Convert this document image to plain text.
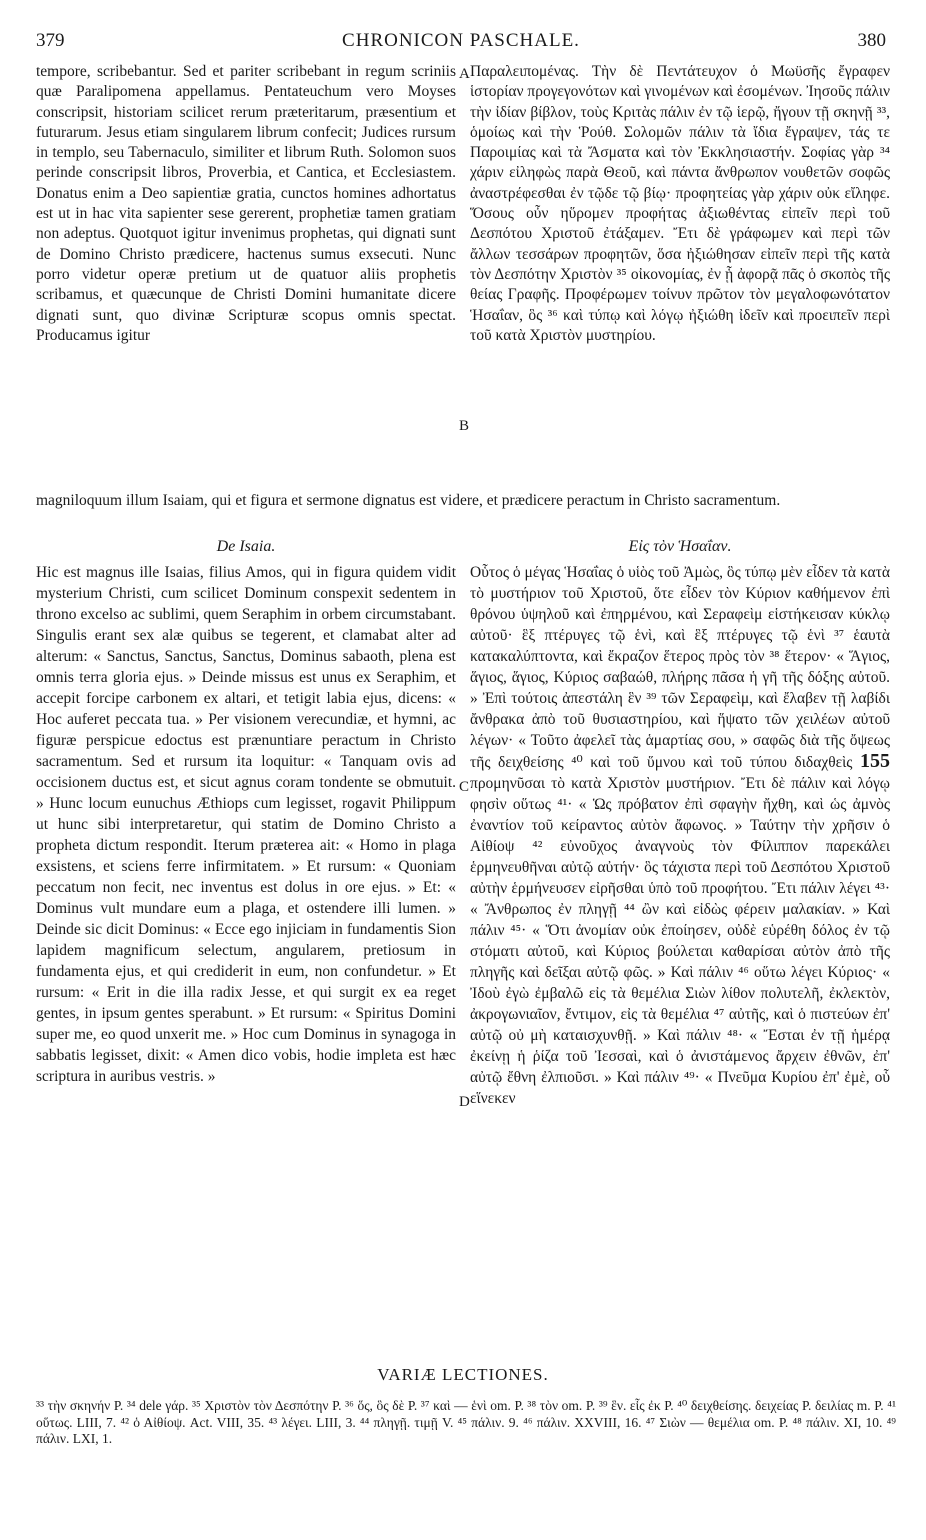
379	CHRONICON PASCHALE.	380
A
B
C
D

tempore, scribebantur. Sed et pariter scribebant in regum scriniis quæ Paralipomena appellamus. Pentateuchum vero Moyses conscripsit, historiam scilicet rerum præteritarum, præsentium et futurarum. Jesus etiam singularem librum confecit; Judices rursum in templo, seu Tabernaculo, similiter et librum Ruth. Solomon suos perinde conscripsit libros, Proverbia, et Cantica, et Ecclesiastem. Donatus enim a Deo sapientiæ gratia, cunctos homines adhortatus est ut in hac vita sapienter sese gererent, prophetiæ tamen gratiam non adeptus. Quotquot igitur invenimus prophetas, qui dignati sunt de Domino Christo prædicere, hactenus sumus exsecuti. Nunc porro videtur operæ pretium ut de quatuor aliis prophetis scribamus, et quæcunque de Christi Domini humanitate dicere dignati sunt, quo divinæ Scripturæ scopus omnis spectat. Producamus igitur

Παραλειπομένας. Τὴν δὲ Πεντάτευχον ὁ Μωϋσῆς ἔγραφεν ἱστορίαν προγεγονότων καὶ γινομένων καὶ ἐσομένων. Ἰησοῦς πάλιν τὴν ἰδίαν βίβλον, τοὺς Κριτὰς πάλιν ἐν τῷ ἱερῷ, ἤγουν τῇ σκηνῇ ³³, ὁμοίως καὶ τὴν Ῥούθ. Σολομῶν πάλιν τὰ ἴδια ἔγραψεν, τάς τε Παροιμίας καὶ τὰ Ἄσματα καὶ τὸν Ἐκκλησιαστήν. Σοφίας γὰρ ³⁴ χάριν εἰληφὼς παρὰ Θεοῦ, καὶ πάντα ἄνθρωπον νουθετῶν σοφῶς ἀναστρέφεσθαι ἐν τῷδε τῷ βίῳ· προφητείας γὰρ χάριν οὐκ εἴληφε. Ὅσους οὖν ηὕρομεν προφήτας ἀξιωθέντας εἰπεῖν περὶ τοῦ Δεσπότου Χριστοῦ ἐτάξαμεν. Ἔτι δὲ γράφωμεν καὶ περὶ τῶν ἄλλων τεσσάρων προφητῶν, ὅσα ἠξιώθησαν εἰπεῖν περὶ τῆς κατὰ τὸν Δεσπότην Χριστὸν ³⁵ οἰκονομίας, ἐν ᾗ ἀφορᾷ πᾶς ὁ σκοπὸς τῆς θείας Γραφῆς. Προφέρωμεν τοίνυν πρῶτον τὸν μεγαλοφωνότατον Ἡσαΐαν, ὃς ³⁶ καὶ τύπῳ καὶ λόγῳ ἠξιώθη ἰδεῖν καὶ προειπεῖν περὶ τοῦ κατὰ Χριστὸν μυστηρίου.

magniloquum illum Isaiam, qui et figura et sermone dignatus est videre, et prædicere peractum in Christo sacramentum.

De Isaia.	Εἰς τὸν Ἡσαΐαν.

Hic est magnus ille Isaias, filius Amos, qui in figura quidem vidit mysterium Christi, cum scilicet Dominum conspexit sedentem in throno excelso ac sublimi, quem Seraphim in orbem circumstabant. Singulis erant sex alæ quibus se tegerent, et clamabat alter ad alterum: « Sanctus, Sanctus, Sanctus, Dominus sabaoth, plena est omnis terra gloria ejus. » Deinde missus est unus ex Seraphim, et accepit forcipe carbonem ex altari, et tetigit labia ejus, dicens: « Hoc auferet peccata tua. » Per visionem verecundiæ, et hymni, ac figuræ perspicue edoctus est prænuntiare peractum in Christo sacramentum. Sed et rursum ita loquitur: « Tanquam ovis ad occisionem ductus est, et sicut agnus coram tondente se obmutuit. » Hunc locum eunuchus Æthiops cum legisset, rogavit Philippum ut hunc sibi interpretaretur, qui statim de Domino Christo a propheta dictum respondit. Iterum præterea ait: « Homo in plaga exsistens, et sciens ferre infirmitatem. » Et rursum: « Quoniam peccatum non fecit, nec inventus est dolus in ore ejus. » Et: « Dominus vult mundare eum a plaga, et ostendere illi lumen. » Deinde sic dicit Dominus: « Ecce ego injiciam in fundamentis Sion lapidem magnificum selectum, angularem, pretiosum in fundamenta ejus, et qui crediderit in eum, non confundetur. » Et rursum: « Erit in die illa radix Jesse, et qui surgit ex ea reget gentes, in ipsum gentes sperabunt. » Et rursum: « Spiritus Domini super me, eo quod unxerit me. » Hoc cum Dominus in synagoga in sabbatis legisset, dixit: « Amen dico vobis, hodie impleta est hæc scriptura in auribus vestris. »

Οὗτος ὁ μέγας Ἡσαΐας ὁ υἱὸς τοῦ Ἀμὼς, ὃς τύπῳ μὲν εἶδεν τὰ κατὰ τὸ μυστήριον τοῦ Χριστοῦ, ὅτε εἶδεν τὸν Κύριον καθήμενον ἐπὶ θρόνου ὑψηλοῦ καὶ ἐπηρμένου, καὶ Σεραφεὶμ εἱστήκεισαν κύκλῳ αὐτοῦ· ἓξ πτέρυγες τῷ ἑνὶ, καὶ ἓξ πτέρυγες τῷ ἑνὶ ³⁷ ἑαυτὰ κατακαλύπτοντα, καὶ ἔκραζον ἕτερος πρὸς τὸν ³⁸ ἕτερον· « Ἅγιος, ἅγιος, ἅγιος, Κύριος σαβαώθ, πλήρης πᾶσα ἡ γῆ τῆς δόξης αὐτοῦ. » Ἐπὶ τούτοις ἀπεστάλη ἓν ³⁹ τῶν Σεραφεὶμ, καὶ ἔλαβεν τῇ λαβίδι ἄνθρακα ἀπὸ τοῦ θυσιαστηρίου, καὶ ἥψατο τῶν χειλέων αὐτοῦ λέγων· « Τοῦτο ἀφελεῖ τὰς ἁμαρτίας σου, » σαφῶς διὰ τῆς ὄψεως τῆς δειχθείσης ⁴⁰ καὶ τοῦ ὕμνου καὶ τοῦ τύπου διδαχθεὶς 155 προμηνῦσαι τὸ κατὰ Χριστὸν μυστήριον. Ἔτι δὲ πάλιν καὶ λόγῳ φησὶν οὕτως ⁴¹· « Ὡς πρόβατον ἐπὶ σφαγὴν ἤχθη, καὶ ὡς ἀμνὸς ἐναντίον τοῦ κείραντος αὐτὸν ἄφωνος. » Ταύτην τὴν χρῆσιν ὁ Αἰθίοψ ⁴² εὐνοῦχος ἀναγνοὺς τὸν Φίλιππον παρεκάλει ἑρμηνευθῆναι αὐτῷ αὐτήν· ὃς τάχιστα περὶ τοῦ Δεσπότου Χριστοῦ αὐτὴν ἑρμήνευσεν εἰρῆσθαι ὑπὸ τοῦ προφήτου. Ἔτι πάλιν λέγει ⁴³· « Ἄνθρωπος ἐν πληγῇ ⁴⁴ ὢν καὶ εἰδὼς φέρειν μαλακίαν. » Καὶ πάλιν ⁴⁵· « Ὅτι ἀνομίαν οὐκ ἐποίησεν, οὐδὲ εὑρέθη δόλος ἐν τῷ στόματι αὐτοῦ, καὶ Κύριος βούλεται καθαρίσαι αὐτὸν ἀπὸ τῆς πληγῆς καὶ δεῖξαι αὐτῷ φῶς. » Καὶ πάλιν ⁴⁶ οὕτω λέγει Κύριος· « Ἰδοὺ ἐγὼ ἐμβαλῶ εἰς τὰ θεμέλια Σιὼν λίθον πολυτελῆ, ἐκλεκτὸν, ἀκρογωνιαῖον, ἔντιμον, εἰς τὰ θεμέλια ⁴⁷ αὐτῆς, καὶ ὁ πιστεύων ἐπ' αὐτῷ οὐ μὴ καταισχυνθῇ. » Καὶ πάλιν ⁴⁸· « Ἔσται ἐν τῇ ἡμέρᾳ ἐκείνῃ ἡ ῥίζα τοῦ Ἰεσσαὶ, καὶ ὁ ἀνιστάμενος ἄρχειν ἐθνῶν, ἐπ' αὐτῷ ἔθνη ἐλπιοῦσι. » Καὶ πάλιν ⁴⁹· « Πνεῦμα Κυρίου ἐπ' ἐμὲ, οὗ εἵνεκεν

VARIÆ LECTIONES.

³³ τὴν σκηνήν P. ³⁴ dele γάρ. ³⁵ Χριστὸν τὸν Δεσπότην P. ³⁶ ὅς, ὃς δὲ P. ³⁷ καὶ — ἑνὶ om. P. ³⁸ τὸν om. P. ³⁹ ἓν. εἷς ἐκ P. ⁴⁰ δειχθείσης. δειχείας P. δειλίας m. P. ⁴¹ οὕτως. LIII, 7. ⁴² ὁ Αἰθίοψ. Act. VIII, 35. ⁴³ λέγει. LIII, 3. ⁴⁴ πληγῇ. τιμῇ V. ⁴⁵ πάλιν. 9. ⁴⁶ πάλιν. XXVIII, 16. ⁴⁷ Σιὼν — θεμέλια om. P. ⁴⁸ πάλιν. XI, 10. ⁴⁹ πάλιν. LXI, 1.
